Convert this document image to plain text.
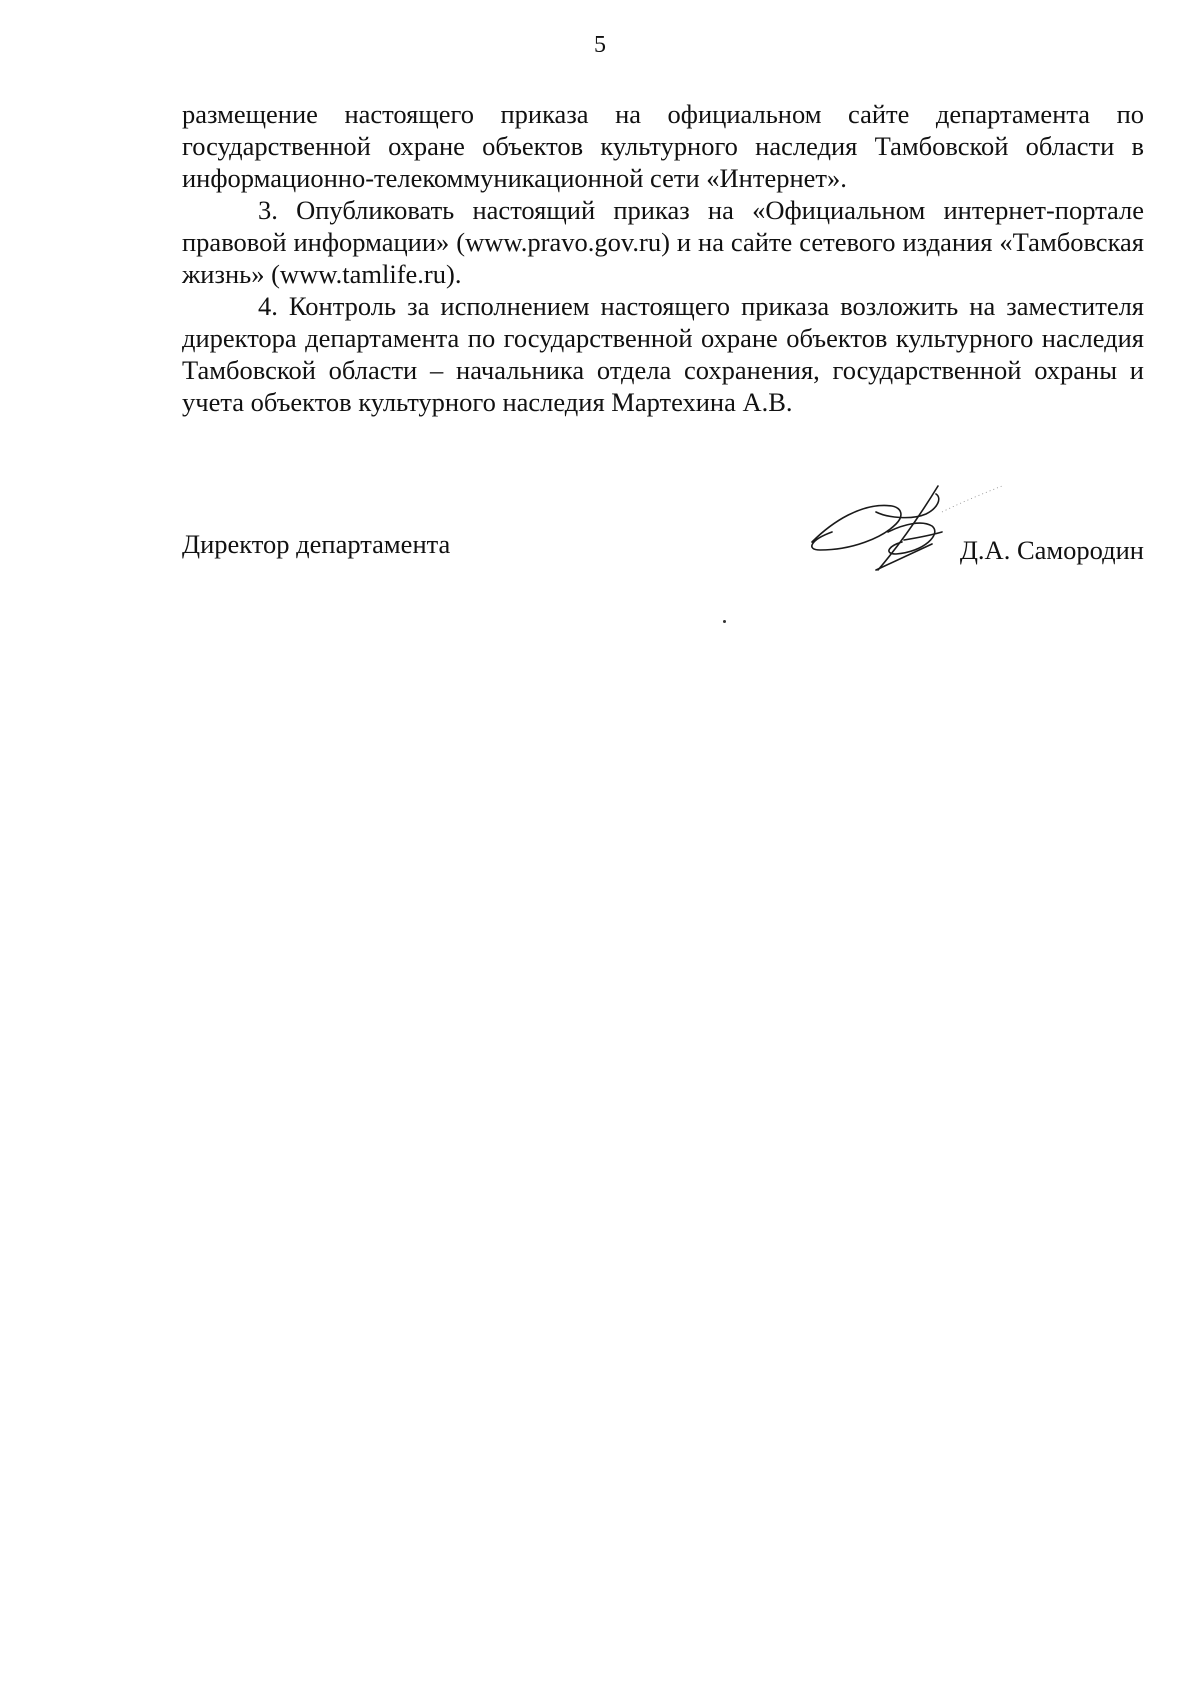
5

размещение настоящего приказа на официальном сайте департамента по государственной охране объектов культурного наследия Тамбовской области в информационно-телекоммуникационной сети «Интернет».

3. Опубликовать настоящий приказ на «Официальном интернет-портале правовой информации» (www.pravo.gov.ru) и на сайте сетевого издания «Тамбовская жизнь» (www.tamlife.ru).

4. Контроль за исполнением настоящего приказа возложить на заместителя директора департамента по государственной охране объектов культурного наследия Тамбовской области – начальника отдела сохранения, государственной охраны и учета объектов культурного наследия Мартехина А.В.

Директор департамента	Д.А. Самородин
